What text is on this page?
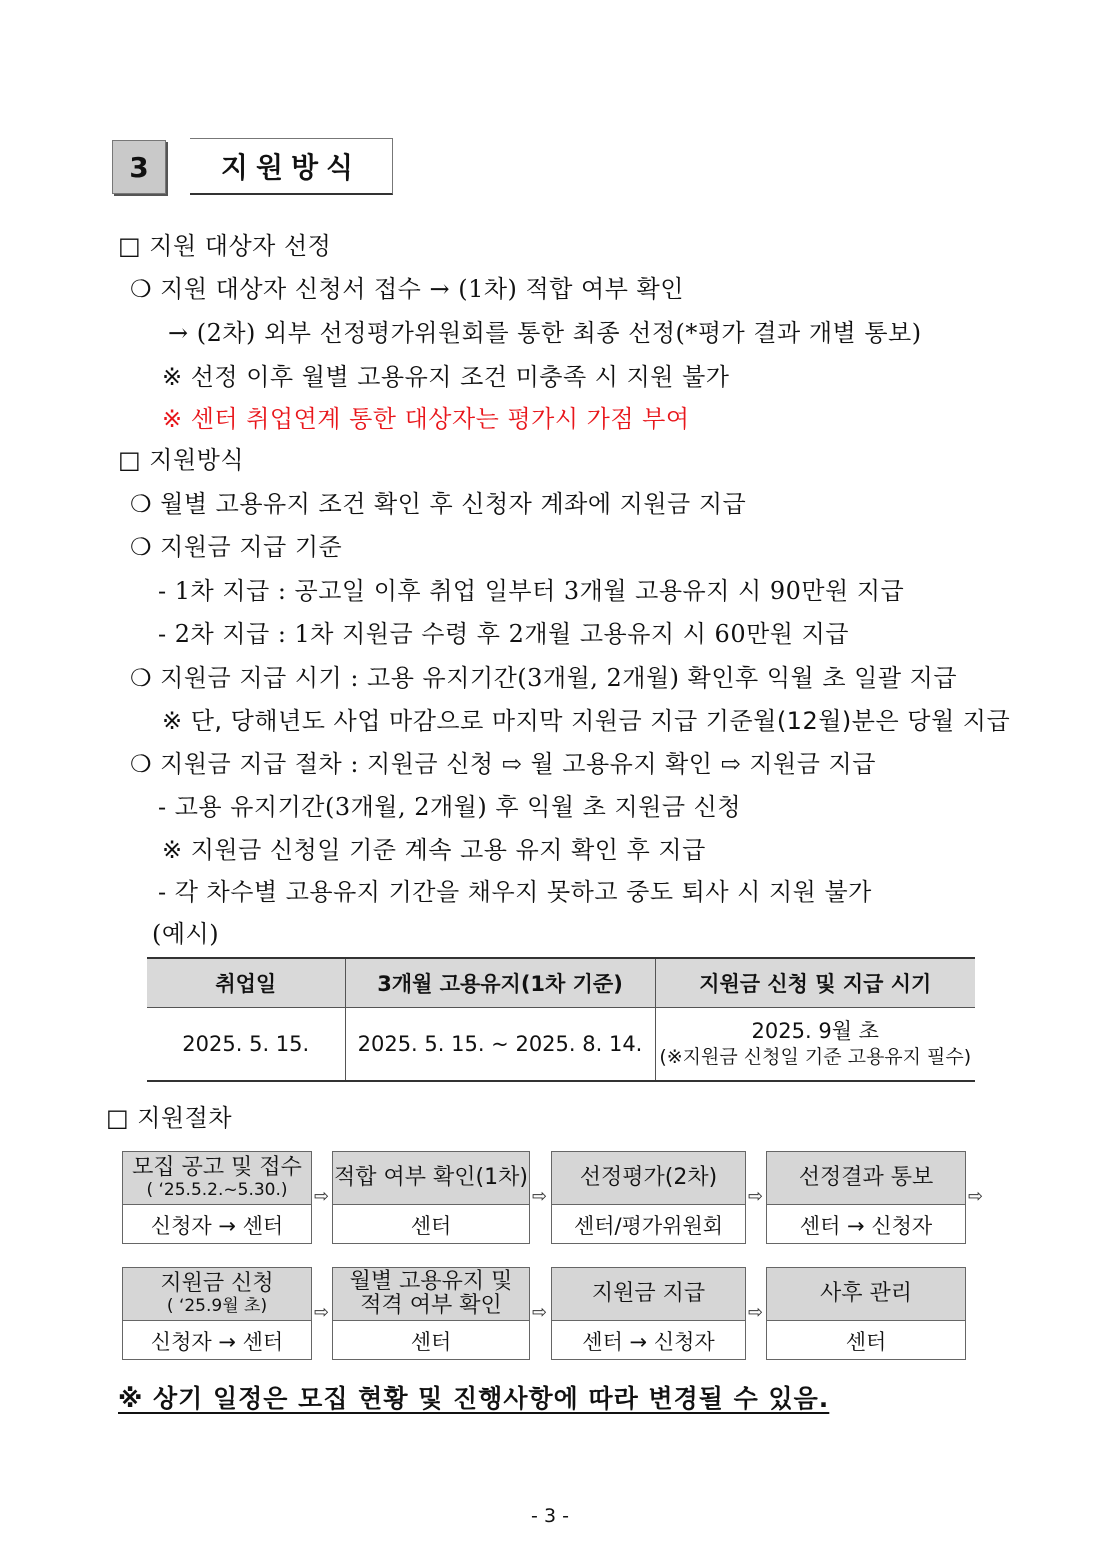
3	지원방식
□ 지원 대상자 선정
❍ 지원 대상자 신청서 접수 → (1차) 적합 여부 확인
→ (2차) 외부 선정평가위원회를 통한 최종 선정(*평가 결과 개별 통보)
※ 선정 이후 월별 고용유지 조건 미충족 시 지원 불가
※ 센터 취업연계 통한 대상자는 평가시 가점 부여
□ 지원방식
❍ 월별 고용유지 조건 확인 후 신청자 계좌에 지원금 지급
❍ 지원금 지급 기준
- 1차 지급 : 공고일 이후 취업 일부터 3개월 고용유지 시 90만원 지급
- 2차 지급 : 1차 지원금 수령 후 2개월 고용유지 시 60만원 지급
❍ 지원금 지급 시기 : 고용 유지기간(3개월, 2개월) 확인후 익월 초 일괄 지급
※ 단, 당해년도 사업 마감으로 마지막 지원금 지급 기준월(12월)분은 당월 지급
❍ 지원금 지급 절차 : 지원금 신청 ⇨ 월 고용유지 확인 ⇨ 지원금 지급
- 고용 유지기간(3개월, 2개월) 후 익월 초 지원금 신청
※ 지원금 신청일 기준 계속 고용 유지 확인 후 지급
- 각 차수별 고용유지 기간을 채우지 못하고 중도 퇴사 시 지원 불가
(예시)
취업일	3개월 고용유지(1차 기준)	지원금 신청 및 지급 시기
2025. 5. 15.	2025. 5. 15. ~ 2025. 8. 14.	2025. 9월 초
(※지원금 신청일 기준 고용유지 필수)
□ 지원절차
모집 공고 및 접수
( ‘25.5.2.~5.30.)
신청자 → 센터
⇨
적합 여부 확인(1차)
센터
⇨
선정평가(2차)
센터/평가위원회
⇨
선정결과 통보
센터 → 신청자
⇨
지원금 신청
( ‘25.9월 초)
신청자 → 센터
⇨
월별 고용유지 및
적격 여부 확인
센터
⇨
지원금 지급
센터 → 신청자
⇨
사후 관리
센터
※ 상기 일정은 모집 현황 및 진행사항에 따라 변경될 수 있음.
- 3 -
